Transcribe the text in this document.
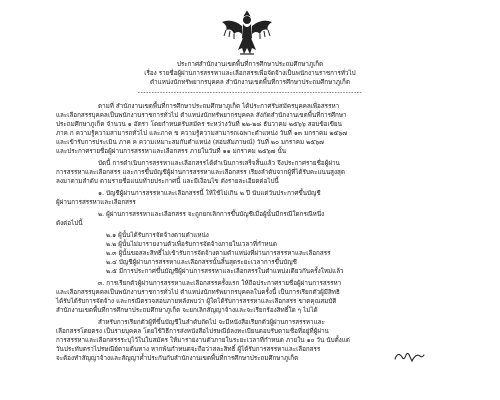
ประกาศสำนักงานเขตพื้นที่การศึกษาประถมศึกษาภูเก็ต
เรื่อง รายชื่อผู้ผ่านการสรรหาและเลือกสรรเพื่อจัดจ้างเป็นพนักงานราชการทั่วไป
ตำแหน่งนักทรัพยากรบุคคล สำนักงานเขตพื้นที่การศึกษาประถมศึกษาภูเก็ต
---------------------------------------------------------------------------------
ตามที่ สำนักงานเขตพื้นที่การศึกษาประถมศึกษาภูเก็ต ได้ประกาศรับสมัครบุคคลเพื่อสรรหา
และเลือกสรรบุคคลเป็นพนักงานราชการทั่วไป ตำแหน่งนักทรัพยากรบุคคล สังกัดสำนักงานเขตพื้นที่การศึกษา
ประถมศึกษาภูเก็ต จำนวน ๑ อัตรา โดยกำหนดรับสมัคร ระหว่างวันที่ ๒๒-๒๘ ธันวาคม ๒๕๖๖ สอบข้อเขียน
ภาค ก ความรู้ความสามารถทั่วไป และภาค ข ความรู้ความสามารถเฉพาะตำแหน่ง วันที่ ๑๓ มกราคม ๒๕๖๗
และเข้ารับการประเมิน ภาค ค ความเหมาะสมกับตำแหน่ง (สอบสัมภาษณ์) วันที่ ๒๐ มกราคม ๒๕๖๗
และประกาศรายชื่อผู้ผ่านการสรรหาและเลือกสรร ภายในวันที่ ๑๑ มกราคม ๒๕๖๗ นั้น
บัดนี้ การดำเนินการสรรหาและเลือกสรรได้ดำเนินการเสร็จสิ้นแล้ว จึงประกาศรายชื่อผู้ผ่าน
การสรรหาและเลือกสรร และการขึ้นบัญชีผู้ผ่านการสรรหาและเลือกสรร เรียงลำดับจากผู้ที่ได้รับคะแนนสูงสุด
ลงมาตามลำดับ ตามรายชื่อแนบท้ายประกาศนี้ และมีเงื่อนไข ดังรายละเอียดต่อไปนี้
๑. บัญชีผู้ผ่านการสรรหาและเลือกสรรนี้ ให้ใช้ไม่เกิน ๒ ปี นับแต่วันประกาศขึ้นบัญชี
ผู้ผ่านการสรรหาและเลือกสรร
๒. ผู้ผ่านการสรรหาและเลือกสรร จะถูกยกเลิกการขึ้นบัญชีเมื่อผู้นั้นมีกรณีใดกรณีหนึ่ง
ดังต่อไปนี้
๒.๑ ผู้นั้นได้รับการจัดจ้างตามตำแหน่ง
๒.๒ ผู้นั้นไม่มารายงานตัวเพื่อรับการจัดจ้างภายในเวลาที่กำหนด
๒.๓ ผู้นั้นขอสละสิทธิ์ไม่เข้ารับการจัดจ้างตามตำแหน่งที่ผ่านการสรรหาและเลือกสรร
๒.๔ บัญชีผู้ผ่านการสรรหาและเลือกสรรนั้นสิ้นสุดระยะเวลาการขึ้นบัญชี
๒.๕ มีการประกาศขึ้นบัญชีผู้ผ่านการสรรหาและเลือกสรรในตำแหน่งเดียวกันครั้งใหม่แล้ว
๓. การเรียกตัวผู้ผ่านการสรรหาและเลือกสรรครั้งแรก ให้ถือประกาศรายชื่อผู้ผ่านการสรรหา
และเลือกสรรบุคคลเป็นพนักงานราชการทั่วไป ตำแหน่งนักทรัพยากรบุคคลในครั้งนี้ เป็นการเรียกตัวผู้มีสิทธิ
ได้รับได้รับการจัดจ้าง และกรณีตรวจสอบภายหลังพบว่า ผู้ใดได้รับการสรรหาและเลือกสรร ขาดคุณสมบัติ
สำนักงานเขตพื้นที่การศึกษาประถมศึกษาภูเก็ต จะยกเลิกสัญญาจ้างและจะเรียกร้องสิทธิ์ใด ๆ ไม่ได้
สำหรับการเรียกตัวผู้ที่ขึ้นบัญชีในลำดับถัดไป จะมีหนังสือเรียกตัวผู้ผ่านการสรรหาและ
เลือกสรรโดยตรง เป็นรายบุคคล โดยใช้วิธีการส่งหนังสือไปรษณีย์ลงทะเบียนตอบรับตามชื่อที่อยู่ที่ผู้ผ่าน
การสรรหาและเลือกสรรระบุไว้ในใบสมัคร ให้มารายงานตัวภายในระยะเวลาที่กำหนด ภายใน ๑๐ วัน นับตั้งแต่
วันประทับตราไปรษณีย์ตามต้นทาง หากพ้นกำหนดจะถือว่าสละสิทธิ์ ผู้ได้รับการสรรหาและเลือกสรร
จะต้องทำสัญญาจ้างและสัญญาค้ำประกันกับสำนักงานเขตพื้นที่การศึกษาประถมศึกษาภูเก็ต
